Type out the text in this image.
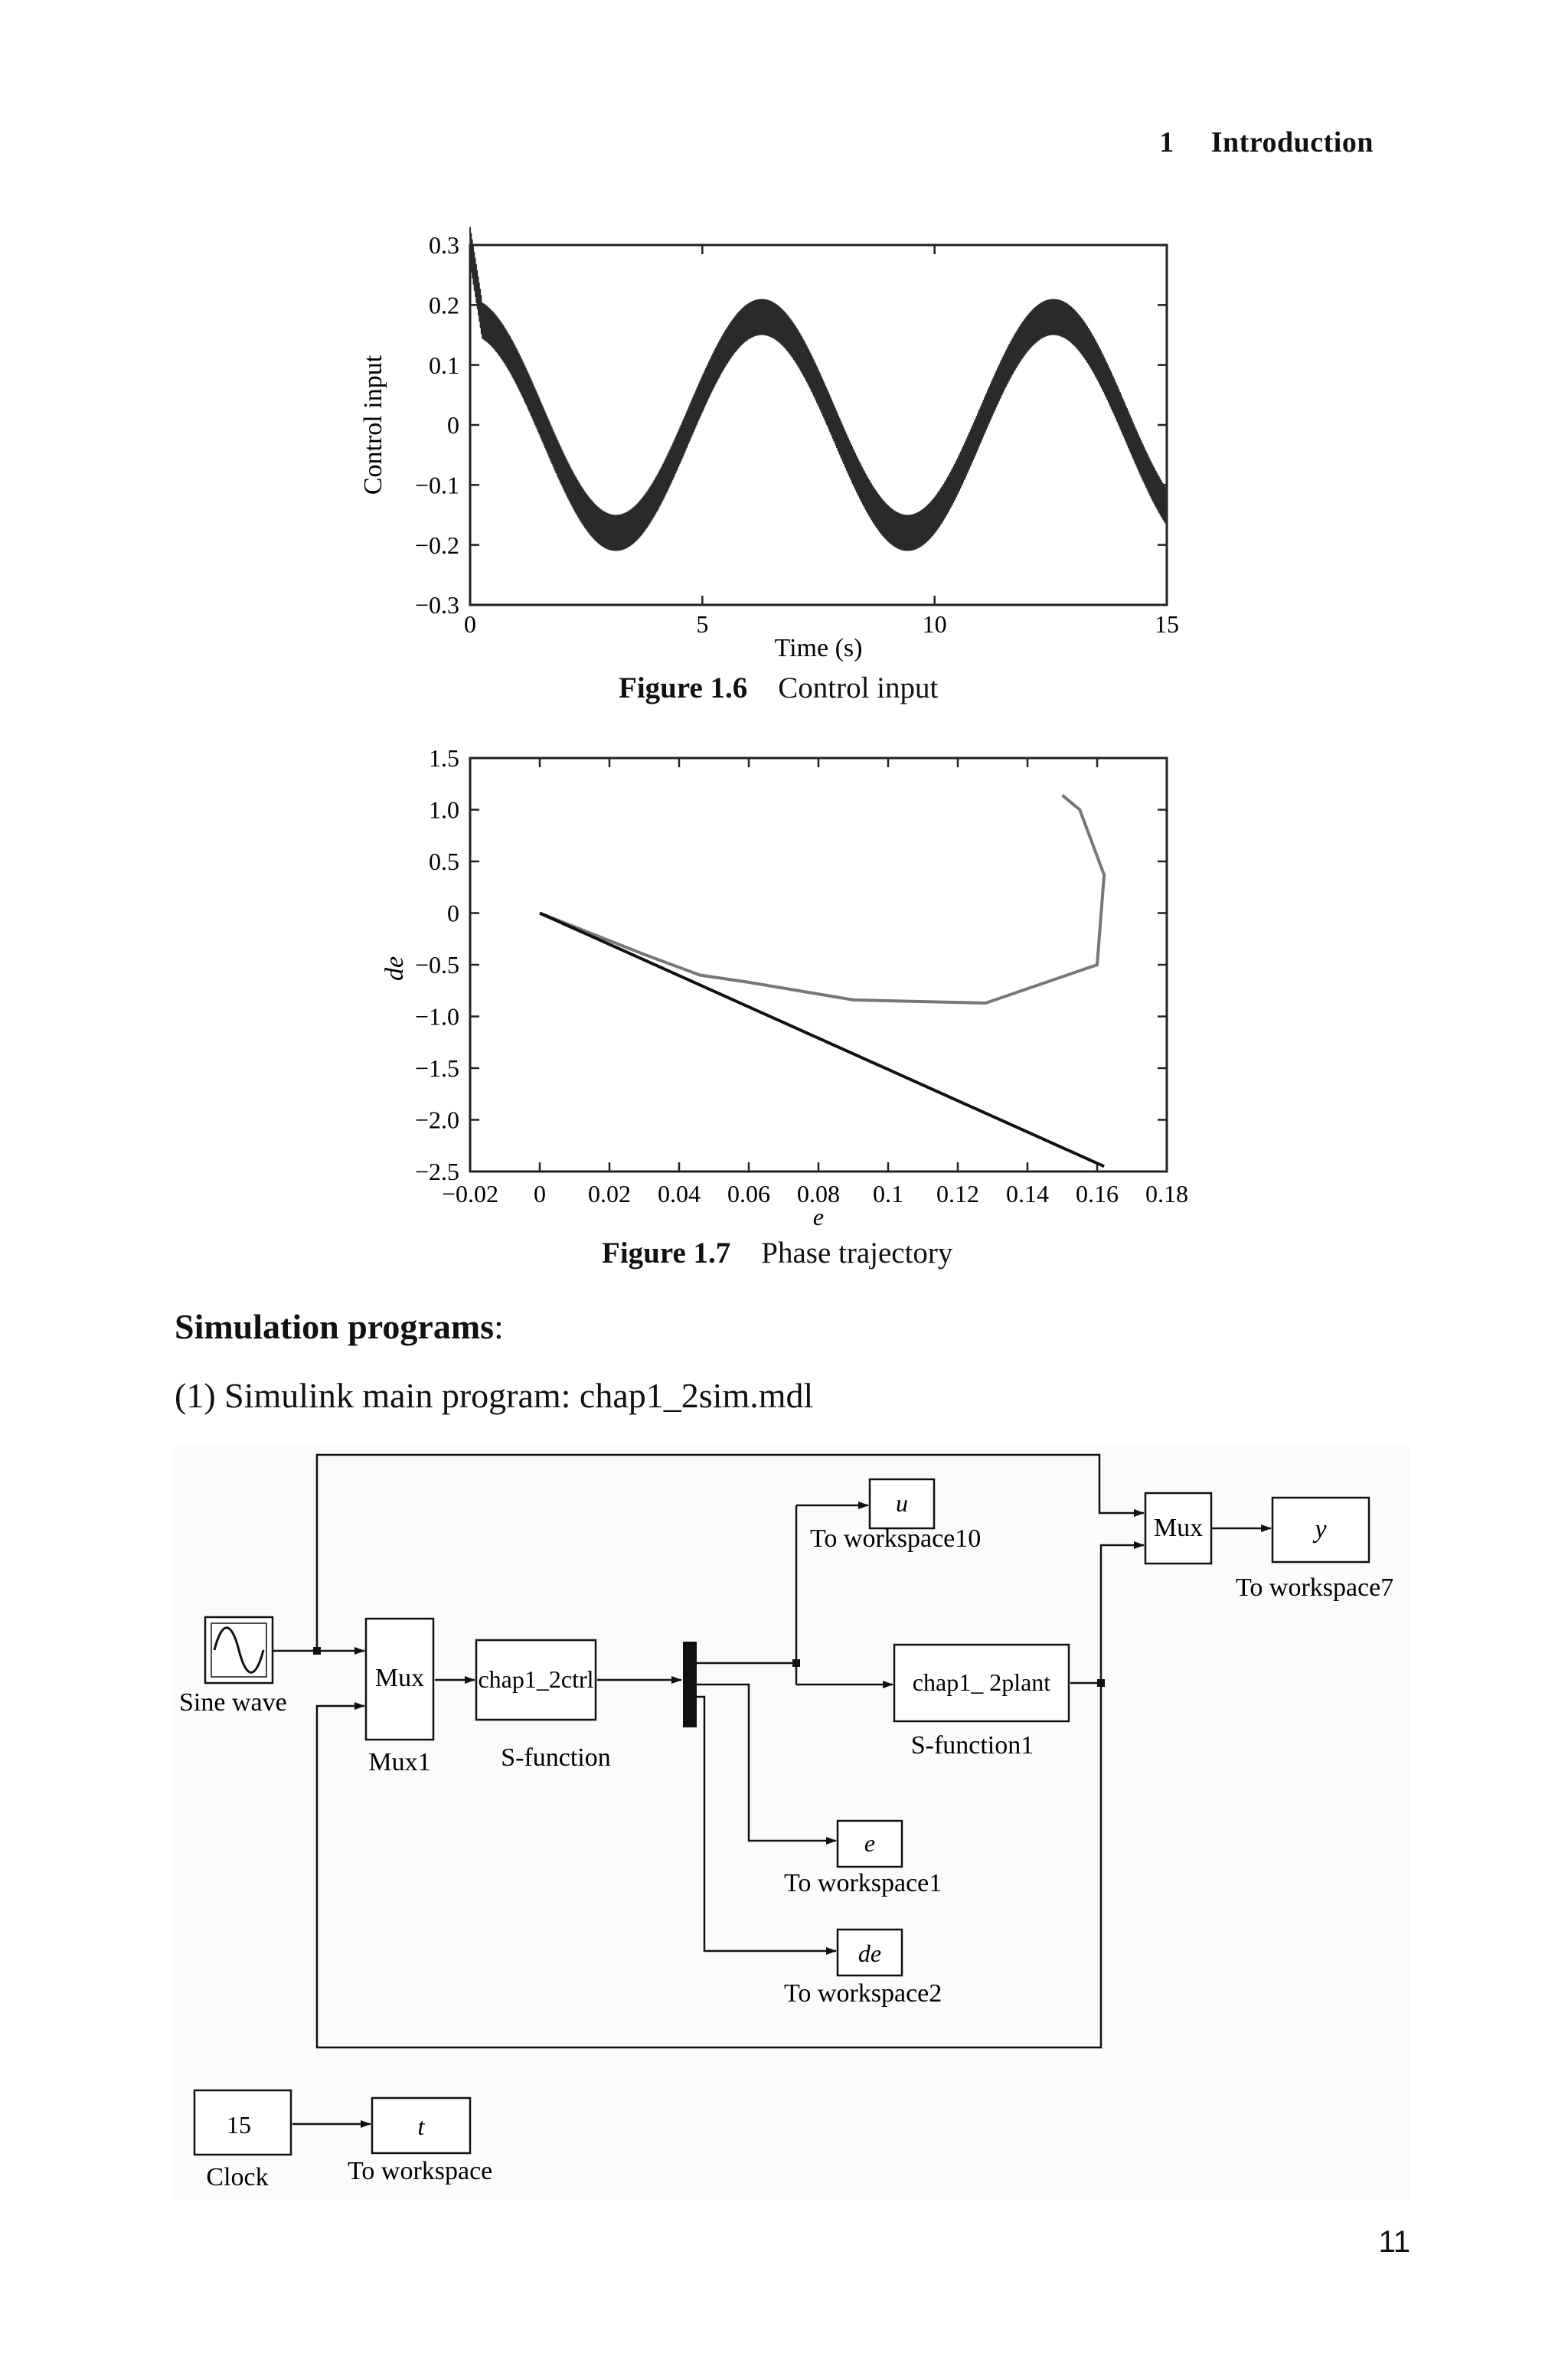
1 Introduction
0	5	10	15
0.3
0.2
0.1
0
−0.1
−0.2
−0.3
Time (s)
Control input
Figure 1.6 Control input
−0.02 0 0.02 0.04 0.06 0.08 0.1 0.12 0.14 0.16 0.18
1.5
1.0
0.5
0
−0.5
−1.0
−1.5
−2.0
−2.5
e
de
Figure 1.7 Phase trajectory
Simulation programs:
(1) Simulink main program: chap1_2sim.mdl
Sine wave
Mux
Mux1
chap1_2ctrl
S-function
chap1_ 2plant
S-function1
u
To workspace10	Mux	y
To workspace7
e
To workspace1
de
To workspace2
15
Clock
t
To workspace
11
